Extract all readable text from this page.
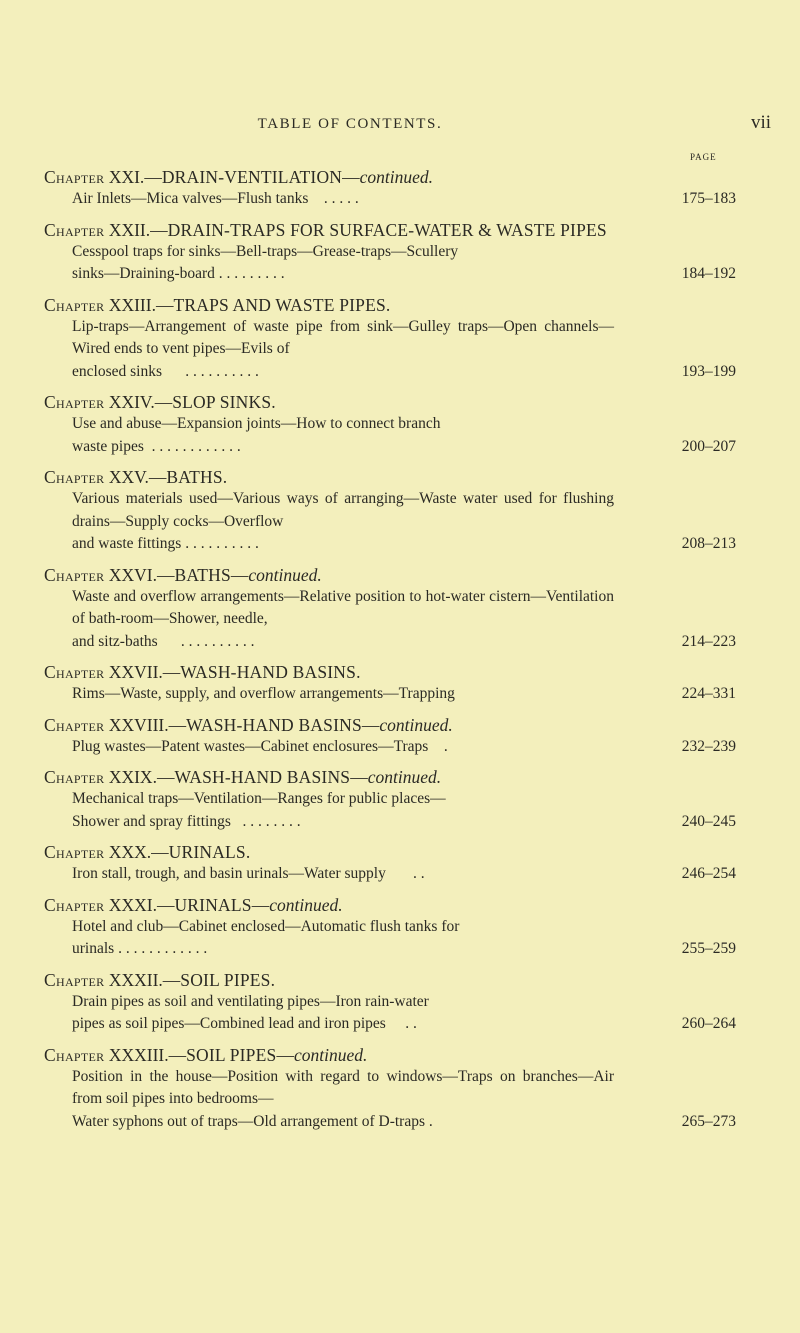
TABLE OF CONTENTS.	vii
PAGE
Chapter XXI.—DRAIN-VENTILATION—continued.
Air Inlets—Mica valves—Flush tanks . . . . .	175–183
Chapter XXII.—DRAIN-TRAPS FOR SURFACE-WATER & WASTE PIPES
Cesspool traps for sinks—Bell-traps—Grease-traps—Scullery
sinks—Draining-board . . . . . . . . .	184–192
Chapter XXIII.—TRAPS AND WASTE PIPES.
Lip-traps—Arrangement of waste pipe from sink—Gulley traps—Open channels—Wired ends to vent pipes—Evils of
enclosed sinks . . . . . . . . . .	193–199
Chapter XXIV.—SLOP SINKS.
Use and abuse—Expansion joints—How to connect branch
waste pipes . . . . . . . . . . . .	200–207
Chapter XXV.—BATHS.
Various materials used—Various ways of arranging—Waste water used for flushing drains—Supply cocks—Overflow
and waste fittings . . . . . . . . . .	208–213
Chapter XXVI.—BATHS—continued.
Waste and overflow arrangements—Relative position to hot-water cistern—Ventilation of bath-room—Shower, needle,
and sitz-baths . . . . . . . . . .	214–223
Chapter XXVII.—WASH-HAND BASINS.
Rims—Waste, supply, and overflow arrangements—Trapping	224–331
Chapter XXVIII.—WASH-HAND BASINS—continued.
Plug wastes—Patent wastes—Cabinet enclosures—Traps .	232–239
Chapter XXIX.—WASH-HAND BASINS—continued.
Mechanical traps—Ventilation—Ranges for public places—
Shower and spray fittings . . . . . . . .	240–245
Chapter XXX.—URINALS.
Iron stall, trough, and basin urinals—Water supply . .	246–254
Chapter XXXI.—URINALS—continued.
Hotel and club—Cabinet enclosed—Automatic flush tanks for
urinals . . . . . . . . . . . .	255–259
Chapter XXXII.—SOIL PIPES.
Drain pipes as soil and ventilating pipes—Iron rain-water
pipes as soil pipes—Combined lead and iron pipes . .	260–264
Chapter XXXIII.—SOIL PIPES—continued.
Position in the house—Position with regard to windows—Traps on branches—Air from soil pipes into bedrooms—
Water syphons out of traps—Old arrangement of D-traps .	265–273
